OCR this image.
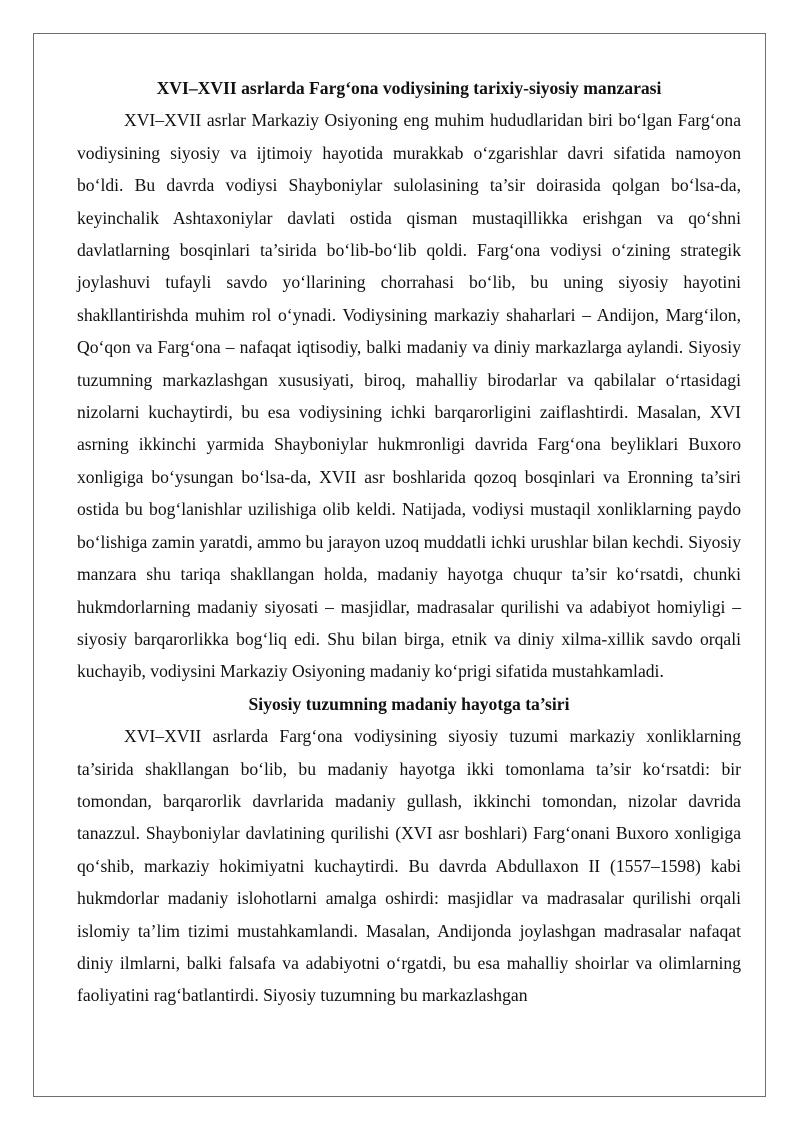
XVI–XVII asrlarda Farg‘ona vodiysining tarixiy-siyosiy manzarasi

XVI–XVII asrlar Markaziy Osiyoning eng muhim hududlaridan biri bo‘lgan Farg‘ona vodiysining siyosiy va ijtimoiy hayotida murakkab o‘zgarishlar davri sifatida namoyon bo‘ldi. Bu davrda vodiysi Shayboniylar sulolasining ta’sir doirasida qolgan bo‘lsa-da, keyinchalik Ashtaxoniylar davlati ostida qisman mustaqillikka erishgan va qo‘shni davlatlarning bosqinlari ta’sirida bo‘lib-bo‘lib qoldi. Farg‘ona vodiysi o‘zining strategik joylashuvi tufayli savdo yo‘llarining chorrahasi bo‘lib, bu uning siyosiy hayotini shakllantirishda muhim rol o‘ynadi. Vodiysining markaziy shaharlari – Andijon, Marg‘ilon, Qo‘qon va Farg‘ona – nafaqat iqtisodiy, balki madaniy va diniy markazlarga aylandi. Siyosiy tuzumning markazlashgan xususiyati, biroq, mahalliy birodarlar va qabilalar o‘rtasidagi nizolarni kuchaytirdi, bu esa vodiysining ichki barqarorligini zaiflashtirdi. Masalan, XVI asrning ikkinchi yarmida Shayboniylar hukmronligi davrida Farg‘ona beyliklari Buxoro xonligiga bo‘ysungan bo‘lsa-da, XVII asr boshlarida qozoq bosqinlari va Eronning ta’siri ostida bu bog‘lanishlar uzilishiga olib keldi. Natijada, vodiysi mustaqil xonliklarning paydo bo‘lishiga zamin yaratdi, ammo bu jarayon uzoq muddatli ichki urushlar bilan kechdi. Siyosiy manzara shu tariqa shakllangan holda, madaniy hayotga chuqur ta’sir ko‘rsatdi, chunki hukmdorlarning madaniy siyosati – masjidlar, madrasalar qurilishi va adabiyot homiyligi – siyosiy barqarorlikka bog‘liq edi. Shu bilan birga, etnik va diniy xilma-xillik savdo orqali kuchayib, vodiysini Markaziy Osiyoning madaniy ko‘prigi sifatida mustahkamladi.

Siyosiy tuzumning madaniy hayotga ta’siri

XVI–XVII asrlarda Farg‘ona vodiysining siyosiy tuzumi markaziy xonliklarning ta’sirida shakllangan bo‘lib, bu madaniy hayotga ikki tomonlama ta’sir ko‘rsatdi: bir tomondan, barqarorlik davrlarida madaniy gullash, ikkinchi tomondan, nizolar davrida tanazzul. Shayboniylar davlatining qurilishi (XVI asr boshlari) Farg‘onani Buxoro xonligiga qo‘shib, markaziy hokimiyatni kuchaytirdi. Bu davrda Abdullaxon II (1557–1598) kabi hukmdorlar madaniy islohotlarni amalga oshirdi: masjidlar va madrasalar qurilishi orqali islomiy ta’lim tizimi mustahkamlandi. Masalan, Andijonda joylashgan madrasalar nafaqat diniy ilmlarni, balki falsafa va adabiyotni o‘rgatdi, bu esa mahalliy shoirlar va olimlarning faoliyatini rag‘batlantirdi. Siyosiy tuzumning bu markazlashgan
